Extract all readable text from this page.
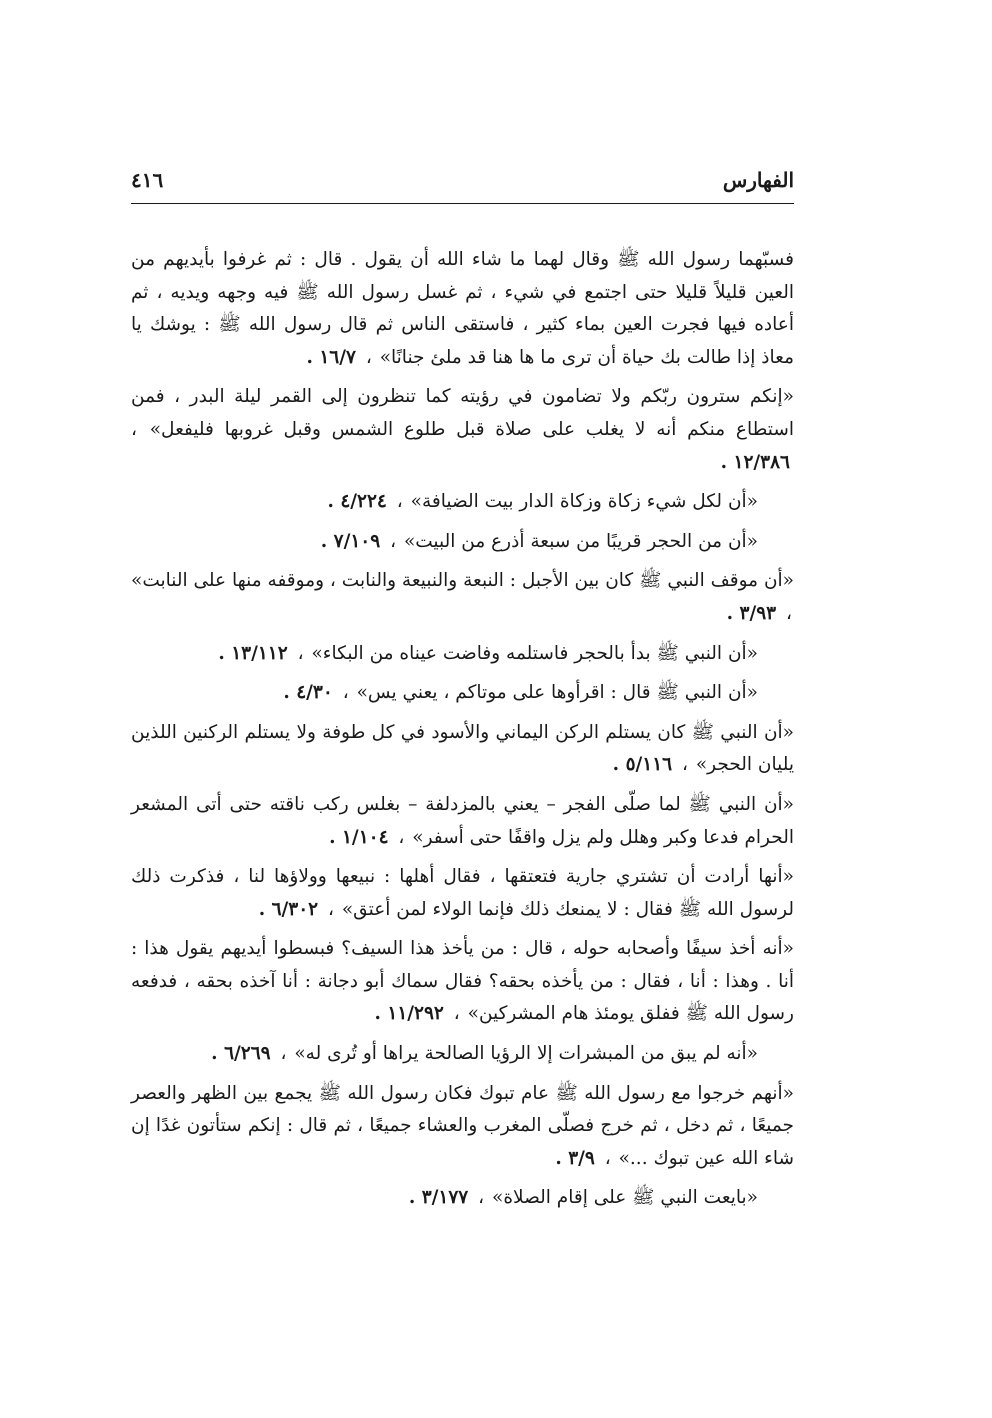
الفهارس
٤١٦

فسبّهما رسول الله ﷺ وقال لهما ما شاء الله أن يقول . قال : ثم غرفوا بأيديهم من العين قليلاً قليلا حتى اجتمع في شيء ، ثم غسل رسول الله ﷺ فيه وجهه ويديه ، ثم أعاده فيها فجرت العين بماء كثير ، فاستقى الناس ثم قال رسول الله ﷺ : يوشك يا معاذ إذا طالت بك حياة أن ترى ما ها هنا قد ملئ جنانًا» ، ١٦/٧ .

«إنكم سترون ربّكم ولا تضامون في رؤيته كما تنظرون إلى القمر ليلة البدر ، فمن استطاع منكم أنه لا يغلب على صلاة قبل طلوع الشمس وقبل غروبها فليفعل» ، ١٢/٣٨٦ .

«أن لكل شيء زكاة وزكاة الدار بيت الضيافة» ، ٤/٢٢٤ .

«أن من الحجر قريبًا من سبعة أذرع من البيت» ، ٧/١٠٩ .

«أن موقف النبي ﷺ كان بين الأجبل : النبعة والنبيعة والنابت ، وموقفه منها على النابت» ، ٣/٩٣ .

«أن النبي ﷺ بدأ بالحجر فاستلمه وفاضت عيناه من البكاء» ، ١٣/١١٢ .

«أن النبي ﷺ قال : اقرأوها على موتاكم ، يعني يس» ، ٤/٣٠ .

«أن النبي ﷺ كان يستلم الركن اليماني والأسود في كل طوفة ولا يستلم الركنين اللذين يليان الحجر» ، ٥/١١٦ .

«أن النبي ﷺ لما صلّى الفجر – يعني بالمزدلفة – بغلس ركب ناقته حتى أتى المشعر الحرام فدعا وكبر وهلل ولم يزل واقفًا حتى أسفر» ، ١/١٠٤ .

«أنها أرادت أن تشتري جارية فتعتقها ، فقال أهلها : نبيعها وولاؤها لنا ، فذكرت ذلك لرسول الله ﷺ فقال : لا يمنعك ذلك فإنما الولاء لمن أعتق» ، ٦/٣٠٢ .

«أنه أخذ سيفًا وأصحابه حوله ، قال : من يأخذ هذا السيف؟ فبسطوا أيديهم يقول هذا : أنا . وهذا : أنا ، فقال : من يأخذه بحقه؟ فقال سماك أبو دجانة : أنا آخذه بحقه ، فدفعه رسول الله ﷺ ففلق يومئذ هام المشركين» ، ١١/٢٩٢ .

«أنه لم يبق من المبشرات إلا الرؤيا الصالحة يراها أو تُرى له» ، ٦/٢٦٩ .

«أنهم خرجوا مع رسول الله ﷺ عام تبوك فكان رسول الله ﷺ يجمع بين الظهر والعصر جميعًا ، ثم دخل ، ثم خرج فصلّى المغرب والعشاء جميعًا ، ثم قال : إنكم ستأتون غدًا إن شاء الله عين تبوك ...» ، ٣/٩ .

«بايعت النبي ﷺ على إقام الصلاة» ، ٣/١٧٧ .
